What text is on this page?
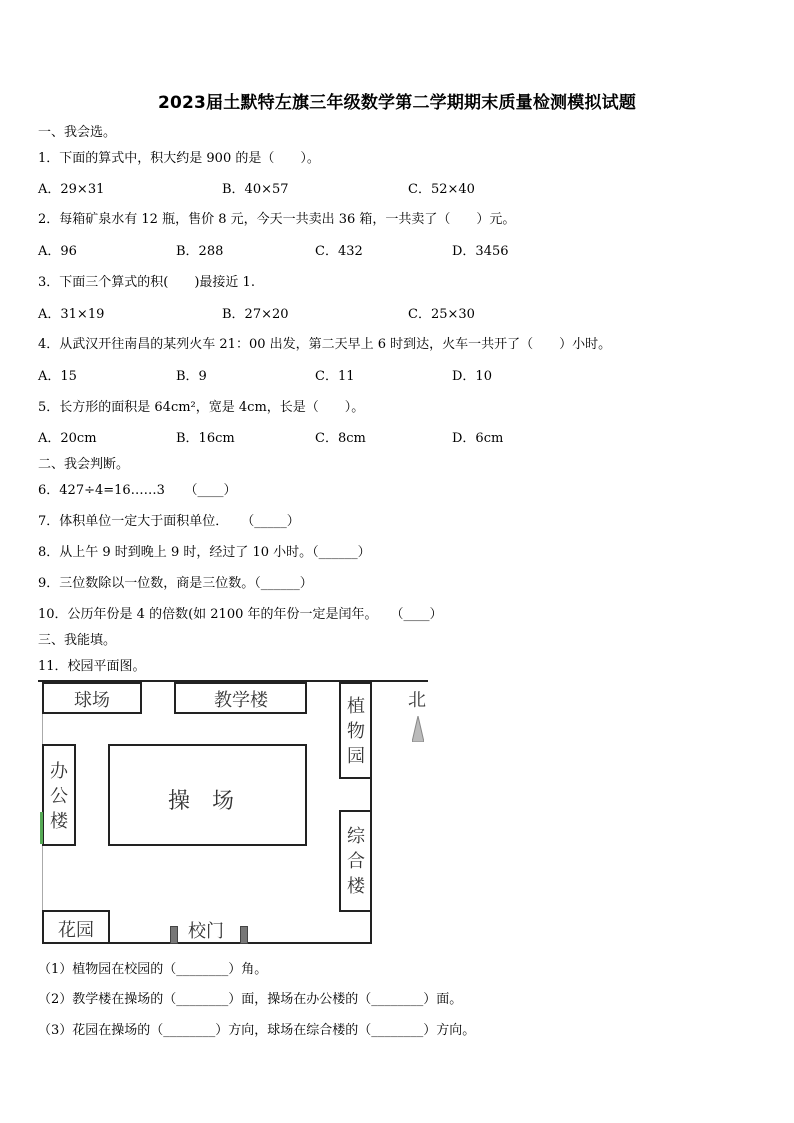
2023届土默特左旗三年级数学第二学期期末质量检测模拟试题
一、我会选。
1．下面的算式中，积大约是 900 的是（　　）。
A．29×31	B．40×57	C．52×40
2．每箱矿泉水有 12 瓶，售价 8 元，今天一共卖出 36 箱，一共卖了（　　）元。
A．96	B．288	C．432	D．3456
3．下面三个算式的积(　　)最接近 1.
A．31×19	B．27×20	C．25×30
4．从武汉开往南昌的某列火车 21：00 出发，第二天早上 6 时到达，火车一共开了（　　）小时。
A．15	B．9	C．11	D．10
5．长方形的面积是 64cm²，宽是 4cm，长是（　　）。
A．20cm	B．16cm	C．8cm	D．6cm
二、我会判断。
6．427÷4=16……3　　（____）
7．体积单位一定大于面积单位．　　（_____）
8．从上午 9 时到晚上 9 时，经过了 10 小时。（______）
9．三位数除以一位数，商是三位数。（______）
10．公历年份是 4 的倍数(如 2100 年的年份一定是闰年。　　（____）
三、我能填。
11．校园平面图。
球场	教学楼	植
物
园
北
办
公
楼
操　场
综
合
楼
花园	校门
（1）植物园在校园的（________）角。
（2）教学楼在操场的（________）面，操场在办公楼的（________）面。
（3）花园在操场的（________）方向，球场在综合楼的（________）方向。
